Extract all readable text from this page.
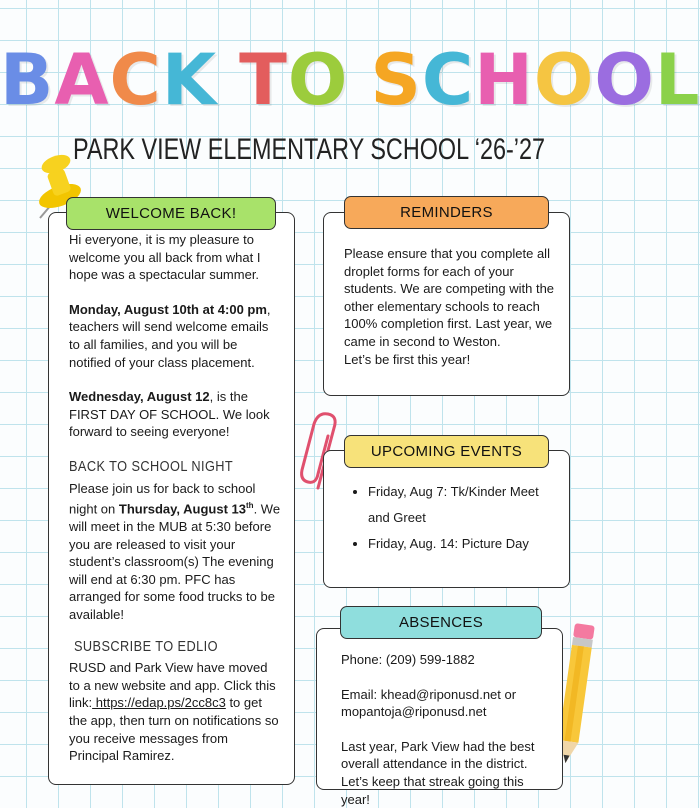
BACK TO SCHOOL
PARK VIEW ELEMENTARY SCHOOL ‘26-’27

Hi everyone, it is my pleasure to welcome you all back from what I hope was a spectacular summer.

Monday, August 10th at 4:00 pm, teachers will send welcome emails to all families, and you will be notified of your class placement.

Wednesday, August 12, is the FIRST DAY OF SCHOOL. We look forward to seeing everyone!

BACK TO SCHOOL NIGHT

Please join us for back to school night on Thursday, August 13th. We will meet in the MUB at 5:30 before you are released to visit your student’s classroom(s) The evening will end at 6:30 pm. PFC has arranged for some food trucks to be available!

SUBSCRIBE TO EDLIO

RUSD and Park View have moved to a new website and app. Click this link: https://edap.ps/2cc8c3 to get the app, then turn on notifications so you receive messages from Principal Ramirez.

WELCOME BACK!
Please ensure that you complete all droplet forms for each of your students. We are competing with the other elementary schools to reach 100% completion first. Last year, we came in second to Weston.
Let’s be first this year!
REMINDERS
• Friday, Aug 7: Tk/Kinder Meet and Greet
• Friday, Aug. 14: Picture Day
UPCOMING EVENTS

Phone: (209) 599-1882

Email: khead@riponusd.net or mopantoja@riponusd.net

Last year, Park View had the best overall attendance in the district. Let’s keep that streak going this year!

ABSENCES
